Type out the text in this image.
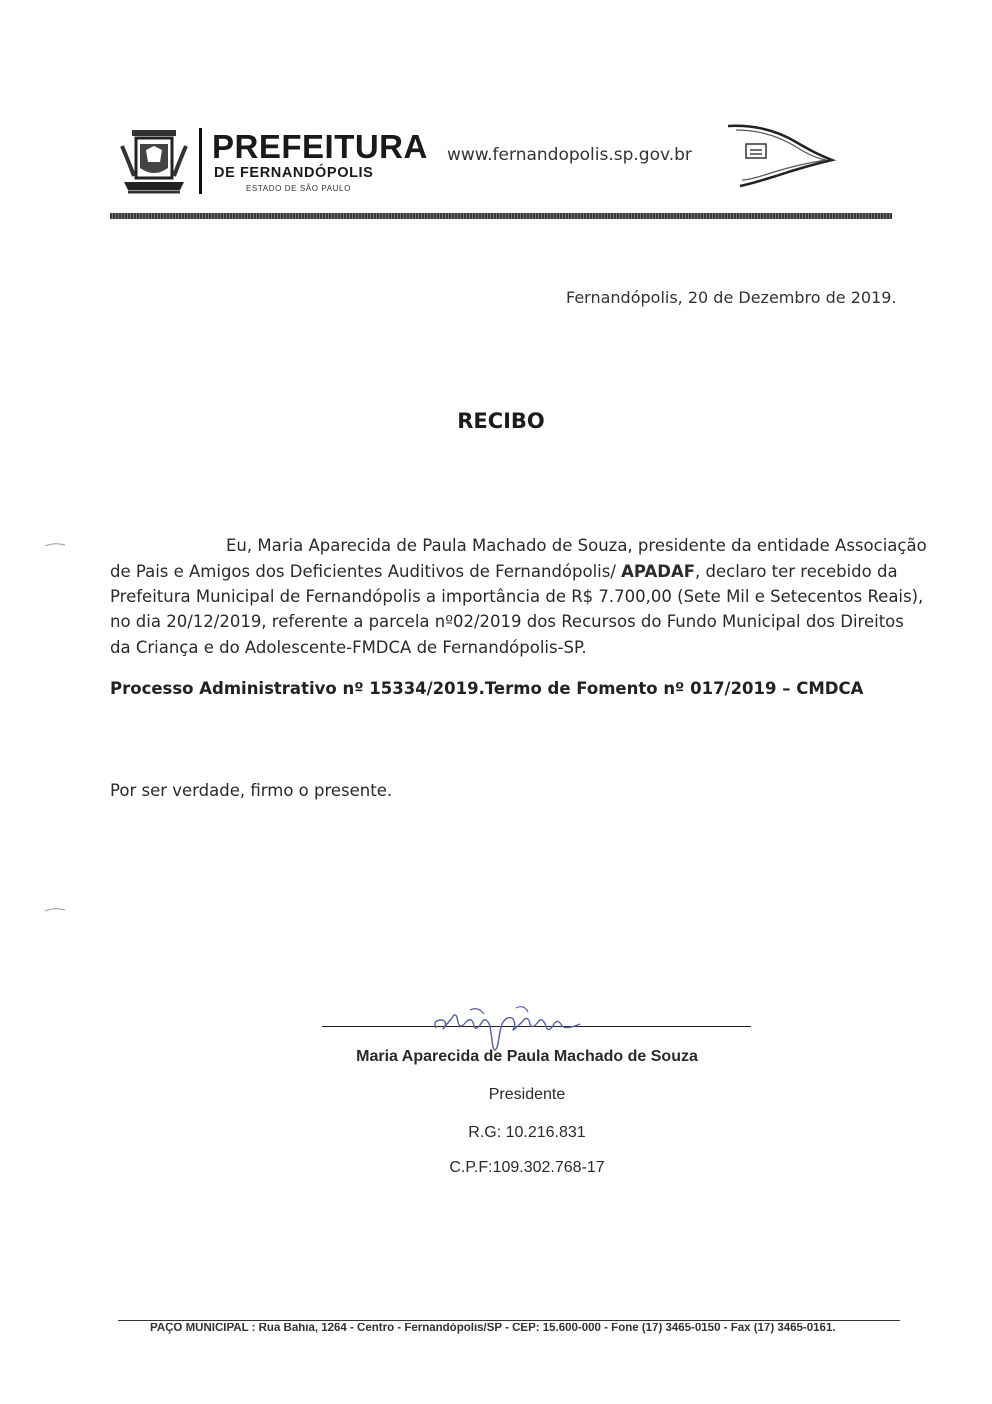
PREFEITURA
DE FERNANDÓPOLIS
ESTADO DE SÃO PAULO
www.fernandopolis.sp.gov.br
Fernandópolis, 20 de Dezembro de 2019.
RECIBO
Eu, Maria Aparecida de Paula Machado de Souza, presidente da entidade Associação
de Pais e Amigos dos Deficientes Auditivos de Fernandópolis/ APADAF, declaro ter recebido da
Prefeitura Municipal de Fernandópolis a importância de R$ 7.700,00 (Sete Mil e Setecentos Reais),
no dia 20/12/2019, referente a parcela nº02/2019 dos Recursos do Fundo Municipal dos Direitos
da Criança e do Adolescente-FMDCA de Fernandópolis-SP.
Processo Administrativo nº 15334/2019.Termo de Fomento nº 017/2019 – CMDCA
Por ser verdade, firmo o presente.
Maria Aparecida de Paula Machado de Souza
Presidente
R.G: 10.216.831
C.P.F:109.302.768-17
PAÇO MUNICIPAL : Rua Bahia, 1264 - Centro - Fernandópolis/SP - CEP: 15.600-000 - Fone (17) 3465-0150 - Fax (17) 3465-0161.
